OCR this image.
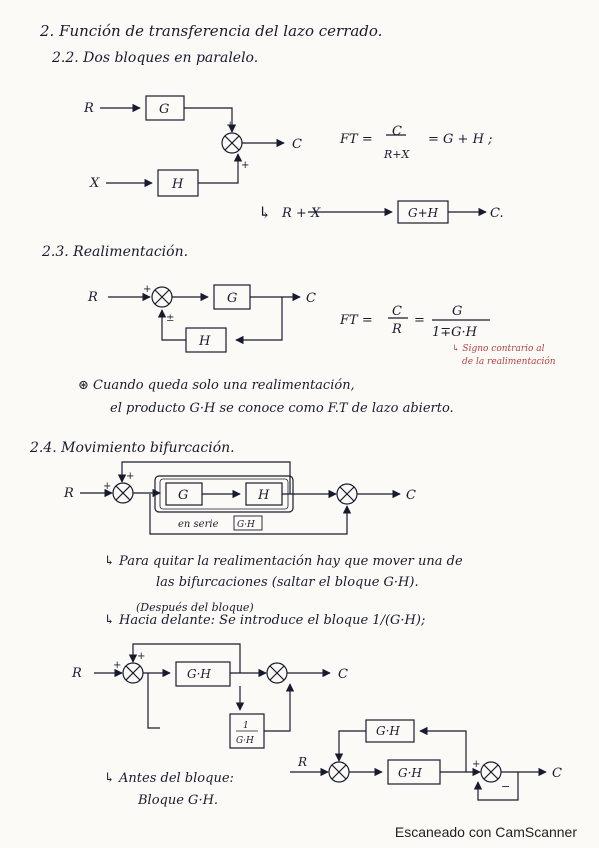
2. Función de transferencia del lazo cerrado.
2.2. Dos bloques en paralelo.
FT =
C
R+X
= G + H ;
2.3. Realimentación.
FT =
C
R
=
G
1∓G·H
↳ Signo contrario al
de la realimentación
⊛ Cuando queda solo una realimentación,
el producto G·H se conoce como F.T de lazo abierto.
2.4. Movimiento bifurcación.
↳ Para quitar la realimentación hay que mover una de
las bifurcaciones (saltar el bloque G·H).
(Después del bloque)
↳ Hacia delante: Se introduce el bloque 1/(G·H);
↳ Antes del bloque:
Bloque G·H.
Escaneado con CamScanner
R
X
G
H
C
+
+
↳ R + X	G+H	C.
R	G
H
C
+
±
R	+
+
G	H	C
en serie G·H
R
+
+
G·H	C
1
G·H
R
G·H
G·H
+
−
C
